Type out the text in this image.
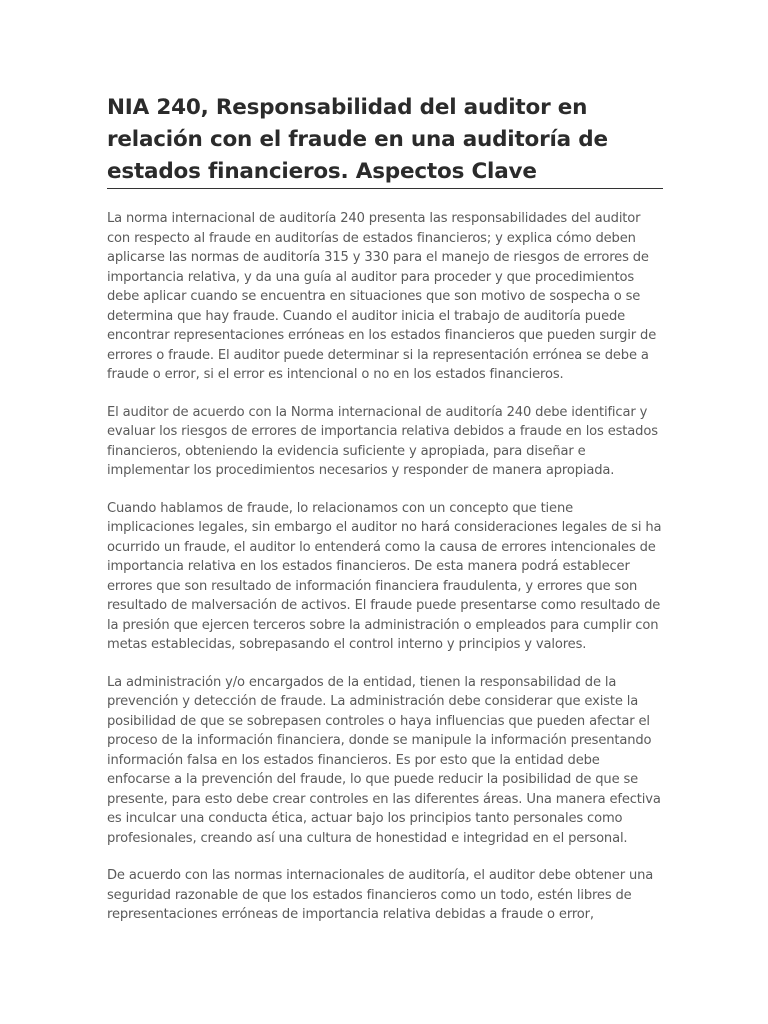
NIA 240, Responsabilidad del auditor en relación con el fraude en una auditoría de estados financieros. Aspectos Clave

La norma internacional de auditoría 240 presenta las responsabilidades del auditor con respecto al fraude en auditorías de estados financieros; y explica cómo deben aplicarse las normas de auditoría 315 y 330 para el manejo de riesgos de errores de importancia relativa, y da una guía al auditor para proceder y que procedimientos debe aplicar cuando se encuentra en situaciones que son motivo de sospecha o se determina que hay fraude. Cuando el auditor inicia el trabajo de auditoría puede encontrar representaciones erróneas en los estados financieros que pueden surgir de errores o fraude. El auditor puede determinar si la representación errónea se debe a fraude o error, si el error es intencional o no en los estados financieros.

El auditor de acuerdo con la Norma internacional de auditoría 240 debe identificar y evaluar los riesgos de errores de importancia relativa debidos a fraude en los estados financieros, obteniendo la evidencia suficiente y apropiada, para diseñar e implementar los procedimientos necesarios y responder de manera apropiada.

Cuando hablamos de fraude, lo relacionamos con un concepto que tiene implicaciones legales, sin embargo el auditor no hará consideraciones legales de si ha ocurrido un fraude, el auditor lo entenderá como la causa de errores intencionales de importancia relativa en los estados financieros. De esta manera podrá establecer errores que son resultado de información financiera fraudulenta, y errores que son resultado de malversación de activos. El fraude puede presentarse como resultado de la presión que ejercen terceros sobre la administración o empleados para cumplir con metas establecidas, sobrepasando el control interno y principios y valores.

La administración y/o encargados de la entidad, tienen la responsabilidad de la prevención y detección de fraude. La administración debe considerar que existe la posibilidad de que se sobrepasen controles o haya influencias que pueden afectar el proceso de la información financiera, donde se manipule la información presentando información falsa en los estados financieros. Es por esto que la entidad debe enfocarse a la prevención del fraude, lo que puede reducir la posibilidad de que se presente, para esto debe crear controles en las diferentes áreas. Una manera efectiva es inculcar una conducta ética, actuar bajo los principios tanto personales como profesionales, creando así una cultura de honestidad e integridad en el personal.

De acuerdo con las normas internacionales de auditoría, el auditor debe obtener una seguridad razonable de que los estados financieros como un todo, estén libres de representaciones erróneas de importancia relativa debidas a fraude o error,
